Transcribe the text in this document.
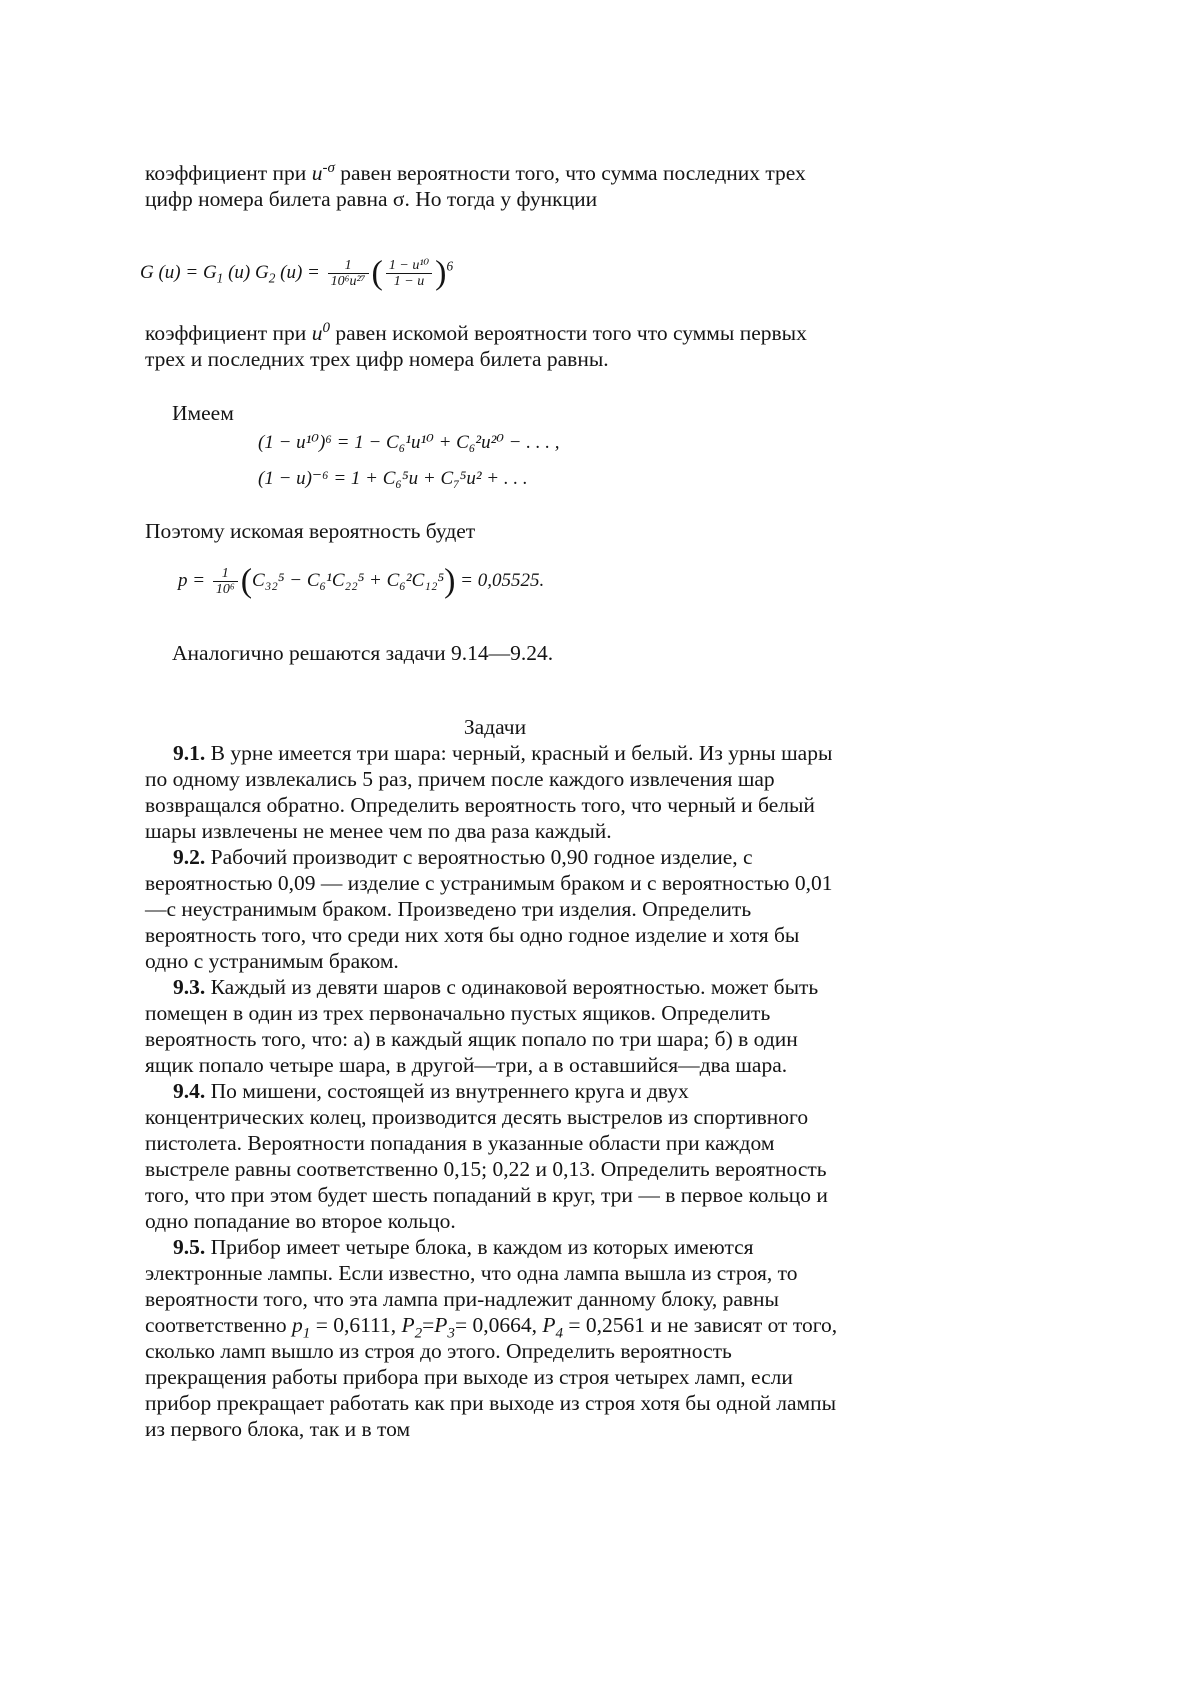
коэффициент при $u^{-\sigma}$ равен вероятности того, что сумма последних трех цифр номера билета равна σ. Но тогда у функции

G $(u) = G_1$ (u) $G_2$ $(u) = \frac{1}{\text{10⁶u²⁷}}$ ( $\frac{\text{1 − u¹⁰}}{1 - u} )^6$

коэффициент при $u^0$ равен искомой вероятности того что суммы первых трех и последних трех цифр номера билета равны.

Имеем

(1 − u¹⁰)⁶ = 1 − C₆¹u¹⁰ + C₆²u²⁰ − . . . ,
(1 − u)⁻⁶ = 1 + C₆⁵u + C₇⁵u² + . . .

Поэтому искомая вероятность будет

$p = \frac{1}{\text{10⁶}} (C_{32}^5 - C_6^1C_{22}^5 + C_6^2C_{12}^5) = 0,05525$.

Аналогично решаются задачи 9.14—9.24.

Задачи

9.1. В урне имеется три шара: черный, красный и белый. Из урны шары по одному извлекались 5 раз, причем после каждого извлечения шар возвращался обратно. Определить вероятность того, что черный и белый шары извлечены не менее чем по два раза каждый.

9.2. Рабочий производит с вероятностью 0,90 годное изделие, с вероятностью 0,09 — изделие с устранимым браком и с вероятностью 0,01—с неустранимым браком. Произведено три изделия. Определить вероятность того, что среди них хотя бы одно годное изделие и хотя бы одно с устранимым браком.

9.3. Каждый из девяти шаров с одинаковой вероятностью. может быть помещен в один из трех первоначально пустых ящиков. Определить вероятность того, что: а) в каждый ящик попало по три шара; б) в один ящик попало четыре шара, в другой—три, а в оставшийся—два шара.

9.4. По мишени, состоящей из внутреннего круга и двух концентрических колец, производится десять выстрелов из спортивного пистолета. Вероятности попадания в указанные области при каждом выстреле равны соответственно 0,15; 0,22 и 0,13. Определить вероятность того, что при этом будет шесть попаданий в круг, три — в первое кольцо и одно попадание во второе кольцо.

9.5. Прибор имеет четыре блока, в каждом из которых имеются электронные лампы. Если известно, что одна лампа вышла из строя, то вероятности того, что эта лампа при-надлежит данному блоку, равны соответственно $p_1 = 0,6111$, $P_2=P_3= 0,0664$, $P_4 = 0,2561$ и не зависят от того, сколько ламп вышло из строя до этого. Определить вероятность прекращения работы прибора при выходе из строя четырех ламп, если прибор прекращает работать как при выходе из строя хотя бы одной лампы из первого блока, так и в том
